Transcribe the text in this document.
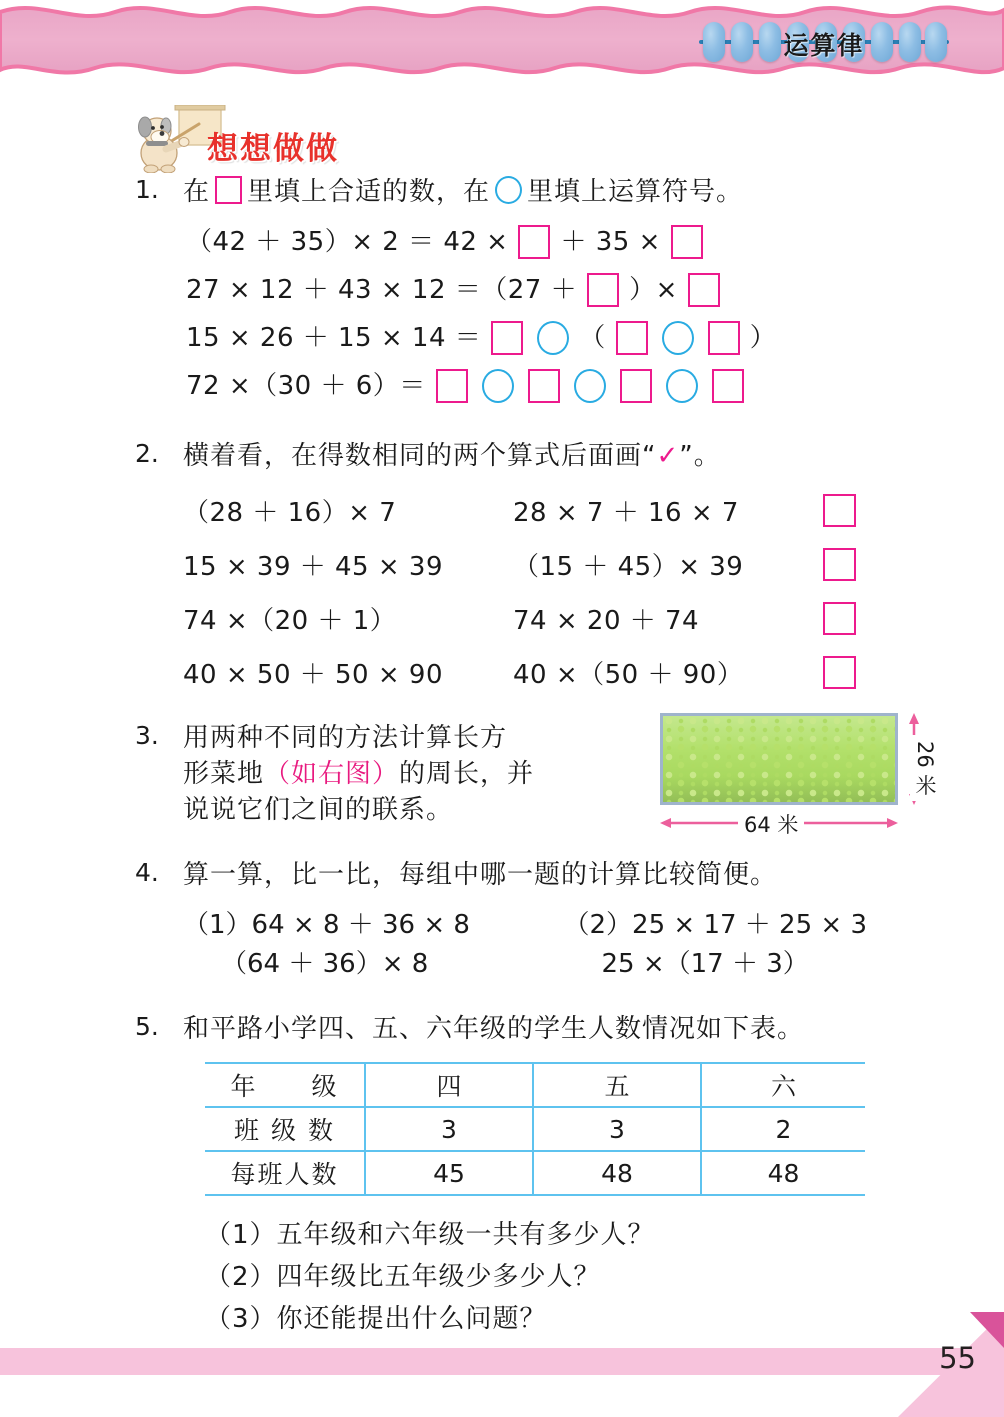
运算律
想想做做
1. 在 里填上合适的数，在 里填上运算符号。
（42 ＋ 35）× 2 ＝ 42 × ＋ 35 ×
27 × 12 ＋ 43 × 12 ＝（27 ＋ ）×
15 × 26 ＋ 15 × 14 ＝	（	）
72 ×（30 ＋ 6）＝
2. 横着看，在得数相同的两个算式后面画“✓”。
（28 ＋ 16）× 7	28 × 7 ＋ 16 × 7
15 × 39 ＋ 45 × 39	（15 ＋ 45）× 39
74 ×（20 ＋ 1）	74 × 20 ＋ 74
40 × 50 ＋ 50 × 90	40 ×（50 ＋ 90）
3. 用两种不同的方法计算长方
形菜地（如右图）的周长，并
说说它们之间的联系。
64 米
26 米
4. 算一算，比一比，每组中哪一题的计算比较简便。
（1）64 × 8 ＋ 36 × 8
（64 ＋ 36）× 8
（2）25 × 17 ＋ 25 × 3
25 ×（17 ＋ 3）
5. 和平路小学四、五、六年级的学生人数情况如下表。
年　　级	四	五	六
班 级 数	3	3	2
每班人数	45	48	48
（1）五年级和六年级一共有多少人？
（2）四年级比五年级少多少人？
（3）你还能提出什么问题？
55
